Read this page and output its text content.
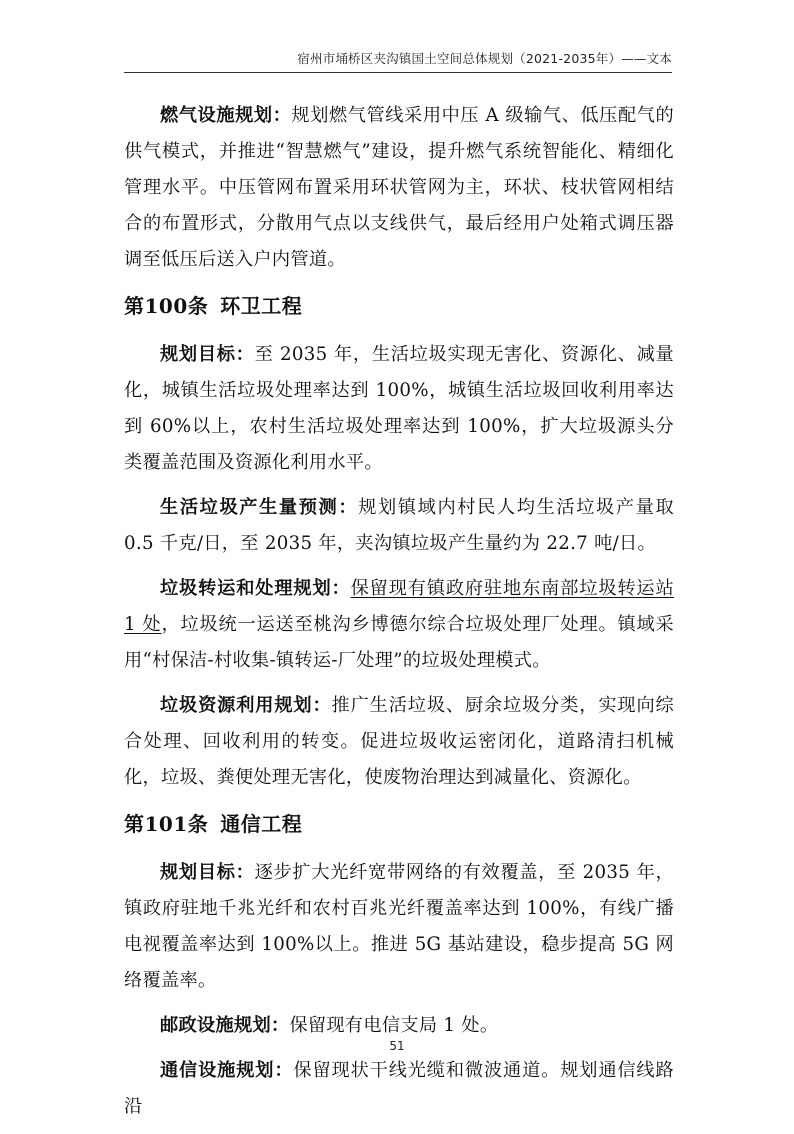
宿州市埇桥区夹沟镇国土空间总体规划（2021-2035年）——文本

燃气设施规划：规划燃气管线采用中压 A 级输气、低压配气的供气模式，并推进“智慧燃气”建设，提升燃气系统智能化、精细化管理水平。中压管网布置采用环状管网为主，环状、枝状管网相结合的布置形式，分散用气点以支线供气，最后经用户处箱式调压器调至低压后送入户内管道。

第100条 环卫工程

规划目标：至 2035 年，生活垃圾实现无害化、资源化、减量化，城镇生活垃圾处理率达到 100%，城镇生活垃圾回收利用率达到 60%以上，农村生活垃圾处理率达到 100%，扩大垃圾源头分类覆盖范围及资源化利用水平。

生活垃圾产生量预测：规划镇域内村民人均生活垃圾产量取 0.5 千克/日，至 2035 年，夹沟镇垃圾产生量约为 22.7 吨/日。

垃圾转运和处理规划：保留现有镇政府驻地东南部垃圾转运站 1 处，垃圾统一运送至桃沟乡博德尔综合垃圾处理厂处理。镇域采用“村保洁-村收集-镇转运-厂处理”的垃圾处理模式。

垃圾资源利用规划：推广生活垃圾、厨余垃圾分类，实现向综合处理、回收利用的转变。促进垃圾收运密闭化，道路清扫机械化，垃圾、粪便处理无害化，使废物治理达到减量化、资源化。

第101条 通信工程

规划目标：逐步扩大光纤宽带网络的有效覆盖，至 2035 年，镇政府驻地千兆光纤和农村百兆光纤覆盖率达到 100%，有线广播电视覆盖率达到 100%以上。推进 5G 基站建设，稳步提高 5G 网络覆盖率。

邮政设施规划：保留现有电信支局 1 处。

通信设施规划：保留现状干线光缆和微波通道。规划通信线路沿

51
